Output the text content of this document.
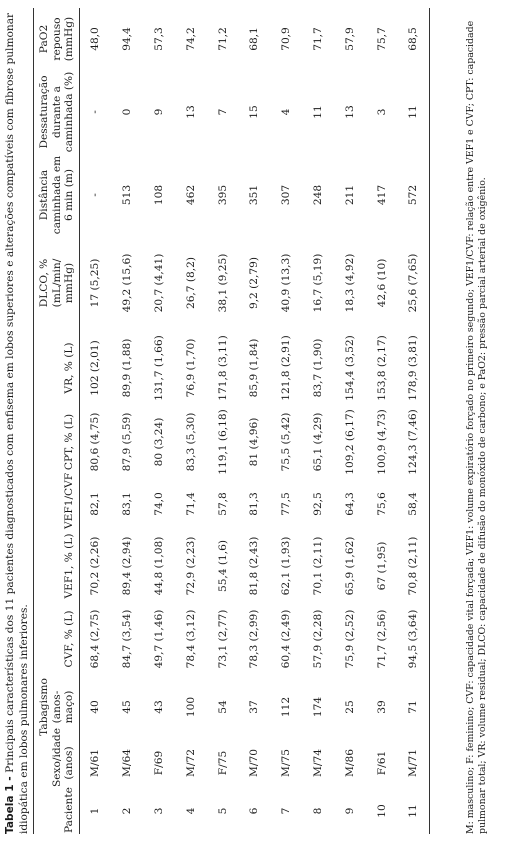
Tabela 1 - Principais características dos 11 pacientes diagnosticados com enfisema em lobos superiores e alterações compatíveis com fibrose pulmonar idiopática em lobos pulmonares inferiores.	Paciente	Sexo/idade (anos)	Tabagismo (anos-maço)	CVF, % (L)	VEF1, % (L)	VEF1/CVF	CPT, % (L)	VR, % (L)	DLCO, % (mL/min/ mmHg)	Distância caminhada em 6 min (m)	Dessaturação durante a caminhada (%)	PaO2 repouso (mmHg)
1	M/61	40	68,4 (2,75)	70,2 (2,26)	82,1	80,6 (4,75)	102 (2,01)	17 (5,25)	-	-	48,0
2	M/64	45	84,7 (3,54)	89,4 (2,94)	83,1	87,9 (5,59)	89,9 (1,88)	49,2 (15,6)	513	0	94,4
3	F/69	43	49,7 (1,46)	44,8 (1,08)	74,0	80 (3,24)	131,7 (1,66)	20,7 (4,41)	108	9	57,3
4	M/72	100	78,4 (3,12)	72,9 (2,23)	71,4	83,3 (5,30)	76,9 (1,70)	26,7 (8,2)	462	13	74,2
5	F/75	54	73,1 (2,77)	55,4 (1,6)	57,8	119,1 (6,18)	171,8 (3,11)	38,1 (9,25)	395	7	71,2
6	M/70	37	78,3 (2,99)	81,8 (2,43)	81,3	81 (4,96)	85,9 (1,84)	9,2 (2,79)	351	15	68,1
7	M/75	112	60,4 (2,49)	62,1 (1,93)	77,5	75,5 (5,42)	121,8 (2,91)	40,9 (13,3)	307	4	70,9
8	M/74	174	57,9 (2,28)	70,1 (2,11)	92,5	65,1 (4,29)	83,7 (1,90)	16,7 (5,19)	248	11	71,7
9	M/86	25	75,9 (2,52)	65,9 (1,62)	64,3	109,2 (6,17)	154,4 (3,52)	18,3 (4,92)	211	13	57,9
10	F/61	39	71,7 (2,56)	67 (1,95)	75,6	100,9 (4,73)	153,8 (2,17)	42,6 (10)	417	3	75,7
11	M/71	71	94,5 (3,64)	70,8 (2,11)	58,4	124,3 (7,46)	178,9 (3,81)	25,6 (7,65)	572	11	68,5	M: masculino; F: feminino; CVF: capacidade vital forçada; VEF1: volume expiratório forçado no primeiro segundo; VEF1/CVF: relação entre VEF1 e CVF; CPT: capacidade pulmonar total; VR: volume residual; DLCO: capacidade de difusão do monóxido de carbono; e PaO2: pressão parcial arterial de oxigênio.
